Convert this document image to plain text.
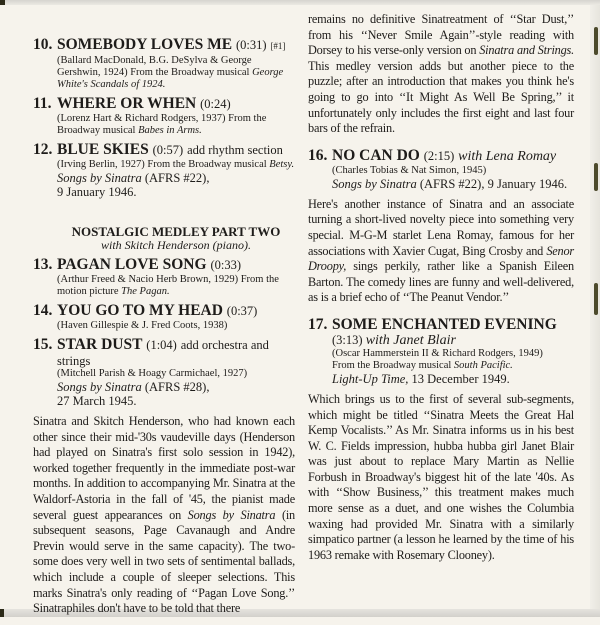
10. SOMEBODY LOVES ME (0:31) [#1]
(Ballard MacDonald, B.G. DeSylva & George Gershwin, 1924) From the Broadway musical George White's Scandals of 1924.
11. WHERE OR WHEN (0:24)
(Lorenz Hart & Richard Rodgers, 1937) From the Broadway musical Babes in Arms.
12. BLUE SKIES (0:57) add rhythm section
(Irving Berlin, 1927) From the Broadway musical Betsy.
Songs by Sinatra (AFRS #22),
9 January 1946.
NOSTALGIC MEDLEY PART TWO
with Skitch Henderson (piano).
13. PAGAN LOVE SONG (0:33)
(Arthur Freed & Nacio Herb Brown, 1929) From the motion picture The Pagan.
14. YOU GO TO MY HEAD (0:37)
(Haven Gillespie & J. Fred Coots, 1938)
15. STAR DUST (1:04) add orchestra and
strings
(Mitchell Parish & Hoagy Carmichael, 1927)
Songs by Sinatra (AFRS #28),
27 March 1945.
Sinatra and Skitch Henderson, who had known each other since their mid-'30s vaudeville days (Henderson had played on Sinatra's first solo session in 1942), worked together frequently in the immediate post-war months. In addition to accompanying Mr. Sinatra at the Waldorf-Astoria in the fall of '45, the pianist made several guest appearances on Songs by Sinatra (in subsequent seasons, Page Cavanaugh and Andre Previn would serve in the same capacity). The two-some does very well in two sets of sentimental ballads, which include a couple of sleeper selections. This marks Sinatra's only reading of ‘‘Pagan Love Song.’’ Sinatraphiles don't have to be told that there
remains no definitive Sinatreatment of ‘‘Star Dust,’’ from his ‘‘Never Smile Again’’-style reading with Dorsey to his verse-only version on Sinatra and Strings. This medley version adds but another piece to the puzzle; after an introduction that makes you think he's going to go into ‘‘It Might As Well Be Spring,’’ it unfortunately only includes the first eight and last four bars of the refrain.
16. NO CAN DO (2:15) with Lena Romay
(Charles Tobias & Nat Simon, 1945)
Songs by Sinatra (AFRS #22), 9 January 1946.
Here's another instance of Sinatra and an associate turning a short-lived novelty piece into something very special. M-G-M starlet Lena Romay, famous for her associations with Xavier Cugat, Bing Crosby and Senor Droopy, sings perkily, rather like a Spanish Eileen Barton. The comedy lines are funny and well-delivered, as is a brief echo of ‘‘The Peanut Vendor.’’
17. SOME ENCHANTED EVENING
(3:13) with Janet Blair
(Oscar Hammerstein II & Richard Rodgers, 1949)
From the Broadway musical South Pacific.
Light-Up Time, 13 December 1949.
Which brings us to the first of several sub-segments, which might be titled ‘‘Sinatra Meets the Great Hal Kemp Vocalists.’’ As Mr. Sinatra informs us in his best W. C. Fields impression, hubba hubba girl Janet Blair was just about to replace Mary Martin as Nellie Forbush in Broadway's biggest hit of the late '40s. As with ‘‘Show Business,’’ this treatment makes much more sense as a duet, and one wishes the Columbia waxing had provided Mr. Sinatra with a similarly simpatico partner (a lesson he learned by the time of his 1963 remake with Rosemary Clooney).
